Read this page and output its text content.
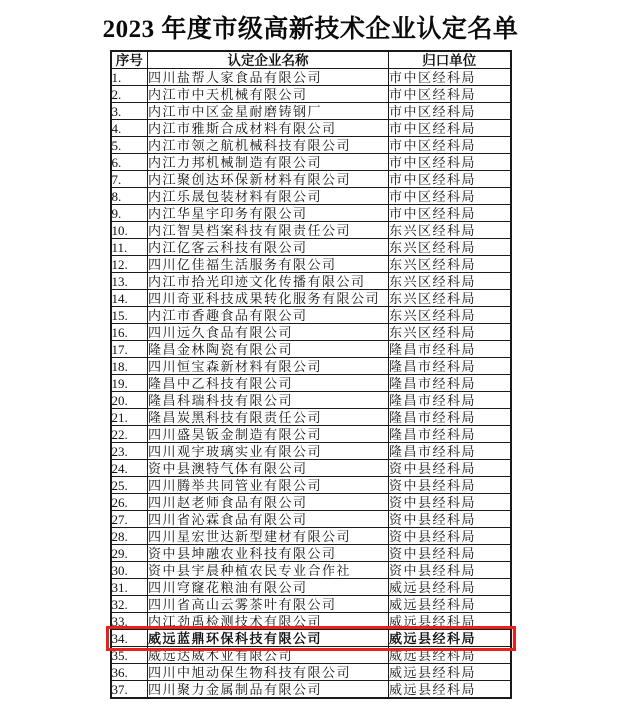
2023 年度市级高新技术企业认定名单
序号	认定企业名称	归口单位
1.	四川盐帮人家食品有限公司	市中区经科局
2.	内江市中天机械有限公司	市中区经科局
3.	内江市中区金星耐磨铸钢厂	市中区经科局
4.	内江市雅斯合成材料有限公司	市中区经科局
5.	内江市领之航机械科技有限公司	市中区经科局
6.	内江力邦机械制造有限公司	市中区经科局
7.	内江聚创达环保新材料有限公司	市中区经科局
8.	内江乐晟包装材料有限公司	市中区经科局
9.	内江华星宇印务有限公司	市中区经科局
10.	内江智昊档案科技有限责任公司	东兴区经科局
11.	内江亿客云科技有限公司	东兴区经科局
12.	四川亿佳福生活服务有限公司	东兴区经科局
13.	内江市拾光印迹文化传播有限公司	东兴区经科局
14.	四川奇亚科技成果转化服务有限公司	东兴区经科局
15.	内江市香趣食品有限公司	东兴区经科局
16.	四川远久食品有限公司	东兴区经科局
17.	隆昌金林陶瓷有限公司	隆昌市经科局
18.	四川恒宝森新材料有限公司	隆昌市经科局
19.	隆昌中乙科技有限公司	隆昌市经科局
20.	隆昌科瑞科技有限公司	隆昌市经科局
21.	隆昌炭黑科技有限责任公司	隆昌市经科局
22.	四川盛昊钣金制造有限公司	隆昌市经科局
23.	四川观宇玻璃实业有限公司	隆昌市经科局
24.	资中县澳特气体有限公司	资中县经科局
25.	四川腾举共同管业有限公司	资中县经科局
26.	四川赵老师食品有限公司	资中县经科局
27.	四川省沁霖食品有限公司	资中县经科局
28.	四川星宏世达新型建材有限公司	资中县经科局
29.	资中县坤融农业科技有限公司	资中县经科局
30.	资中县宇晨种植农民专业合作社	资中县经科局
31.	四川穹窿花粮油有限公司	威远县经科局
32.	四川省高山云雾茶叶有限公司	威远县经科局
33.	内江劲禹检测技术有限公司	威远县经科局
34.	威远蓝鼎环保科技有限公司	威远县经科局
35.	威远达威木业有限公司	威远县经科局
36.	四川中旭动保生物科技有限公司	威远县经科局
37.	四川聚力金属制品有限公司	威远县经科局
